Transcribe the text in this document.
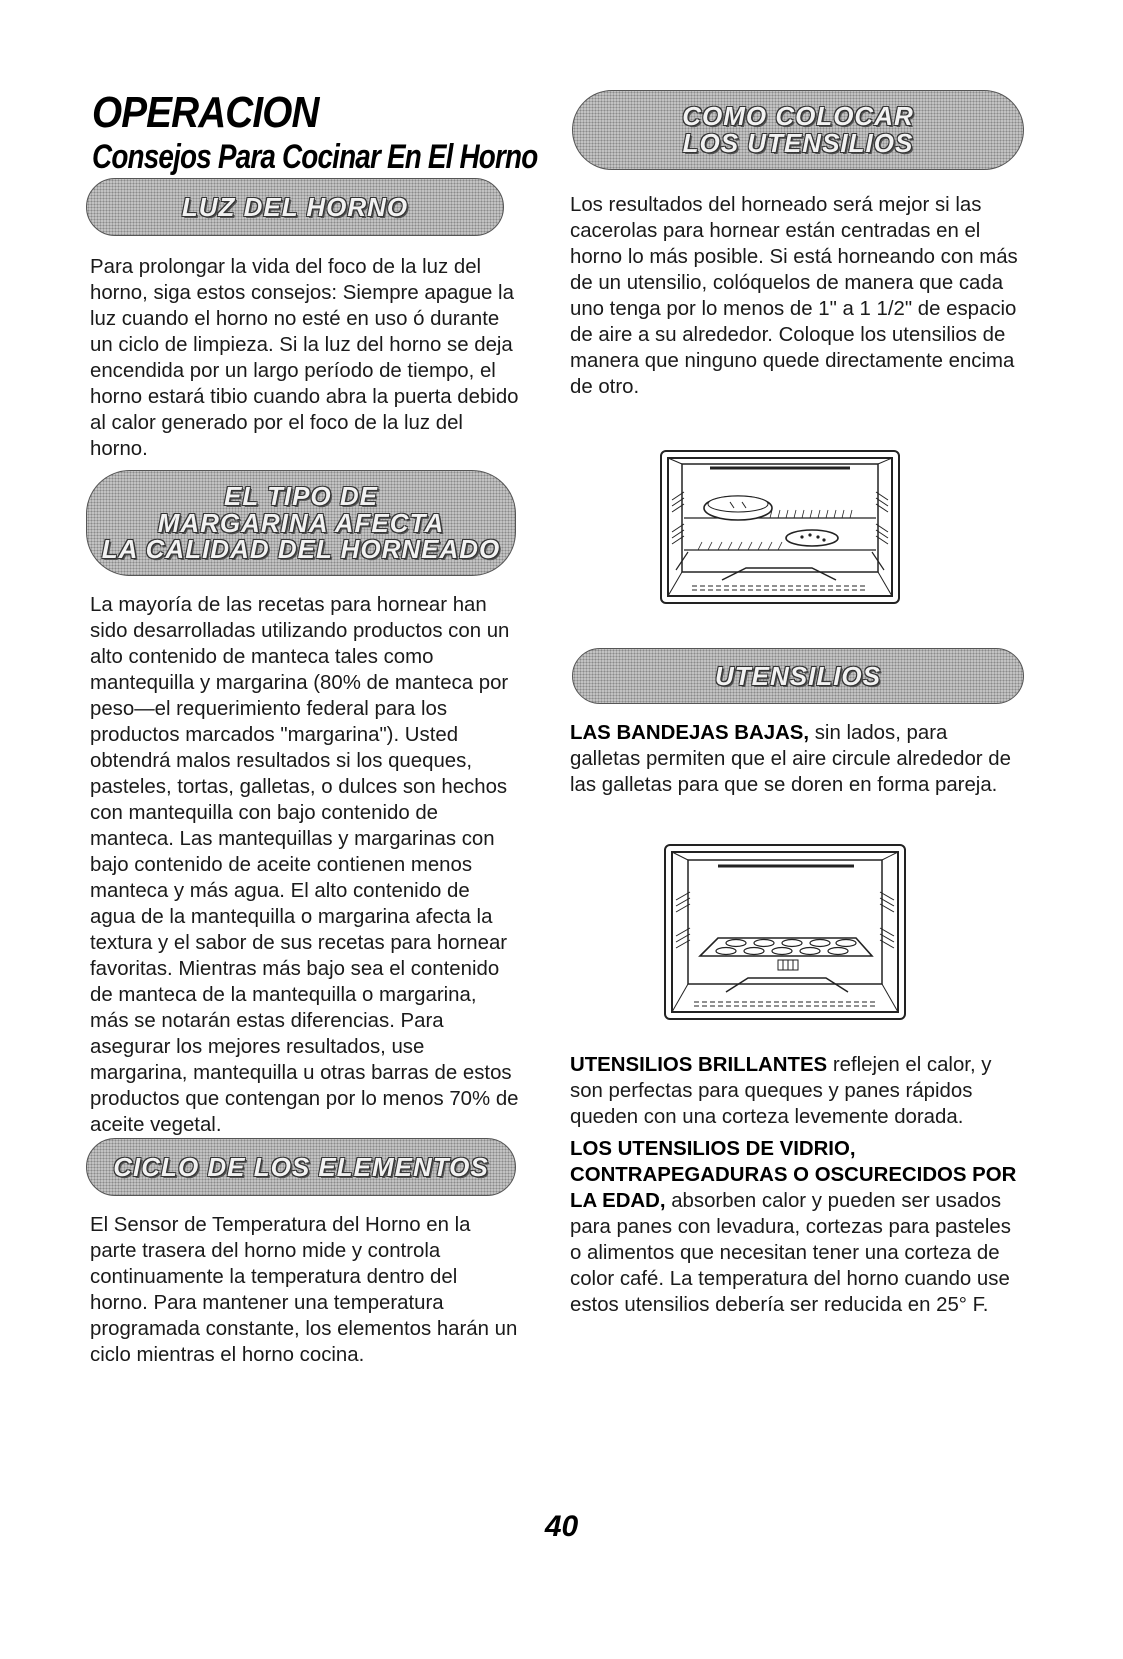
OPERACION
Consejos Para Cocinar En El Horno
LUZ DEL HORNO

Para prolongar la vida del foco de la luz del horno, siga estos consejos: Siempre apague la luz cuando el horno no esté en uso ó durante un ciclo de limpieza. Si la luz del horno se deja encendida por un largo período de tiempo, el horno estará tibio cuando abra la puerta debido al calor generado por el foco de la luz del horno.

EL TIPO DE
MARGARINA AFECTA
LA CALIDAD DEL HORNEADO

La mayoría de las recetas para hornear han sido desarrolladas utilizando productos con un alto contenido de manteca tales como mantequilla y margarina (80% de manteca por peso—el requerimiento federal para los productos marcados "margarina"). Usted obtendrá malos resultados si los queques, pasteles, tortas, galletas, o dulces son hechos con mantequilla con bajo contenido de manteca. Las mantequillas y margarinas con bajo contenido de aceite contienen menos manteca y más agua. El alto contenido de agua de la mantequilla o margarina afecta la textura y el sabor de sus recetas para hornear favoritas. Mientras más bajo sea el contenido de manteca de la mantequilla o margarina, más se notarán estas diferencias. Para asegurar los mejores resultados, use margarina, mantequilla u otras barras de estos productos que contengan por lo menos 70% de aceite vegetal.

CICLO DE LOS ELEMENTOS

El Sensor de Temperatura del Horno en la parte trasera del horno mide y controla continuamente la temperatura dentro del horno. Para mantener una temperatura programada constante, los elementos harán un ciclo mientras el horno cocina.

COMO COLOCAR
LOS UTENSILIOS

Los resultados del horneado será mejor si las cacerolas para hornear están centradas en el horno lo más posible. Si está horneando con más de un utensilio, colóquelos de manera que cada uno tenga por lo menos de 1" a 1 1/2" de espacio de aire a su alrededor. Coloque los utensilios de manera que ninguno quede directamente encima de otro.

UTENSILIOS

LAS BANDEJAS BAJAS, sin lados, para galletas permiten que el aire circule alrededor de las galletas para que se doren en forma pareja.

UTENSILIOS BRILLANTES reflejen el calor, y son perfectas para queques y panes rápidos queden con una corteza levemente dorada.

LOS UTENSILIOS DE VIDRIO, CONTRAPEGADURAS O OSCURECIDOS POR LA EDAD, absorben calor y pueden ser usados para panes con levadura, cortezas para pasteles o alimentos que necesitan tener una corteza de color café. La temperatura del horno cuando use estos utensilios debería ser reducida en 25° F.

40
